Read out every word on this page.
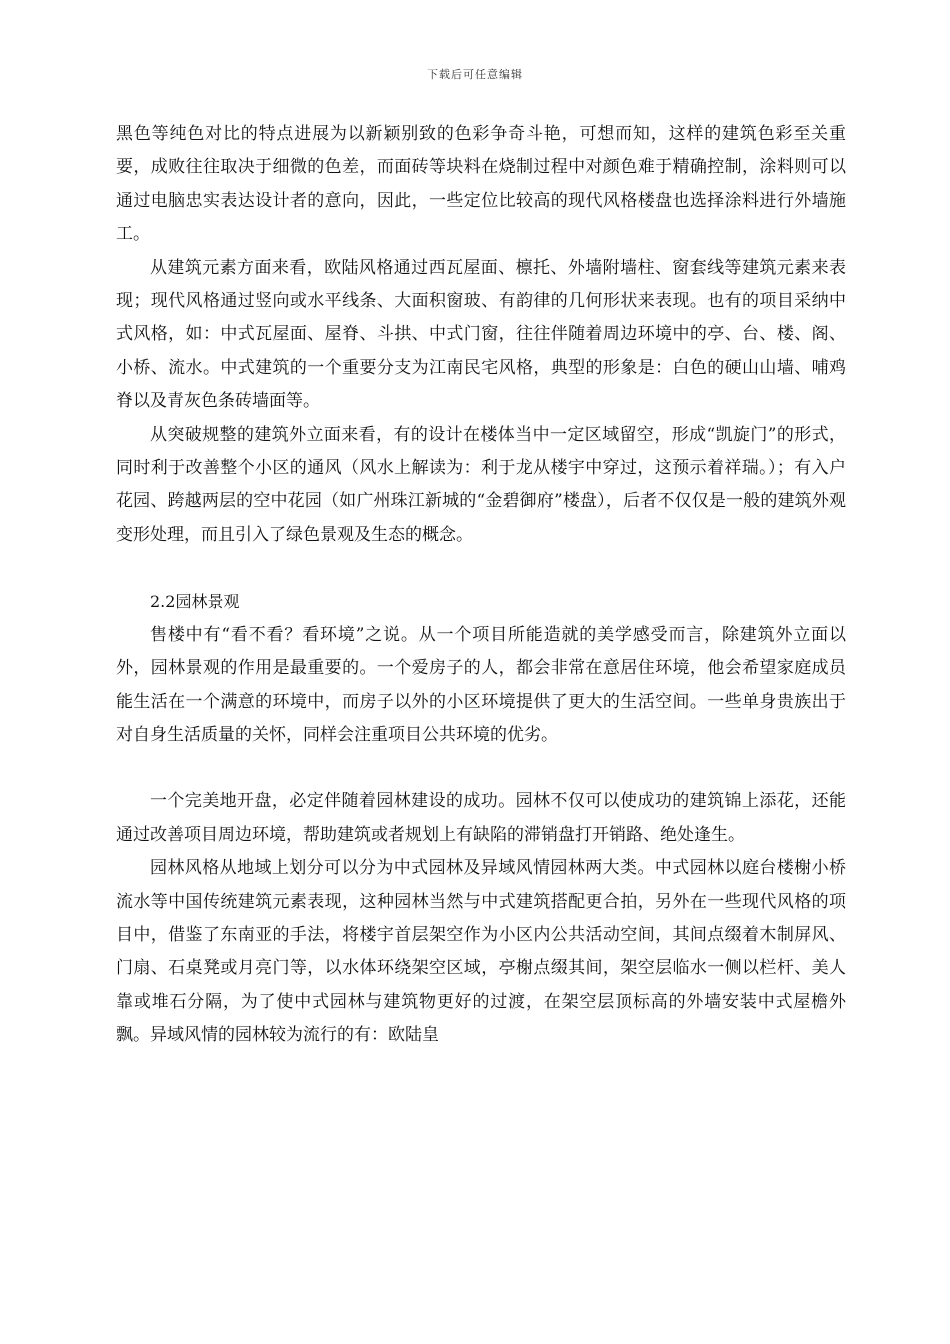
下载后可任意编辑

黑色等纯色对比的特点进展为以新颖别致的色彩争奇斗艳，可想而知，这样的建筑色彩至关重要，成败往往取决于细微的色差，而面砖等块料在烧制过程中对颜色难于精确控制，涂料则可以通过电脑忠实表达设计者的意向，因此，一些定位比较高的现代风格楼盘也选择涂料进行外墙施工。

从建筑元素方面来看，欧陆风格通过西瓦屋面、檩托、外墙附墙柱、窗套线等建筑元素来表现；现代风格通过竖向或水平线条、大面积窗玻、有韵律的几何形状来表现。也有的项目采纳中式风格，如：中式瓦屋面、屋脊、斗拱、中式门窗，往往伴随着周边环境中的亭、台、楼、阁、小桥、流水。中式建筑的一个重要分支为江南民宅风格，典型的形象是：白色的硬山山墙、哺鸡脊以及青灰色条砖墙面等。

从突破规整的建筑外立面来看，有的设计在楼体当中一定区域留空，形成“凯旋门”的形式，同时利于改善整个小区的通风（风水上解读为：利于龙从楼宇中穿过，这预示着祥瑞。）；有入户花园、跨越两层的空中花园（如广州珠江新城的“金碧御府”楼盘），后者不仅仅是一般的建筑外观变形处理，而且引入了绿色景观及生态的概念。

2.2园林景观

售楼中有“看不看？看环境”之说。从一个项目所能造就的美学感受而言，除建筑外立面以外，园林景观的作用是最重要的。一个爱房子的人，都会非常在意居住环境，他会希望家庭成员能生活在一个满意的环境中，而房子以外的小区环境提供了更大的生活空间。一些单身贵族出于对自身生活质量的关怀，同样会注重项目公共环境的优劣。

一个完美地开盘，必定伴随着园林建设的成功。园林不仅可以使成功的建筑锦上添花，还能通过改善项目周边环境，帮助建筑或者规划上有缺陷的滞销盘打开销路、绝处逢生。

园林风格从地域上划分可以分为中式园林及异域风情园林两大类。中式园林以庭台楼榭小桥流水等中国传统建筑元素表现，这种园林当然与中式建筑搭配更合拍，另外在一些现代风格的项目中，借鉴了东南亚的手法，将楼宇首层架空作为小区内公共活动空间，其间点缀着木制屏风、门扇、石桌凳或月亮门等，以水体环绕架空区域，亭榭点缀其间，架空层临水一侧以栏杆、美人靠或堆石分隔，为了使中式园林与建筑物更好的过渡，在架空层顶标高的外墙安装中式屋檐外飘。异域风情的园林较为流行的有：欧陆皇
